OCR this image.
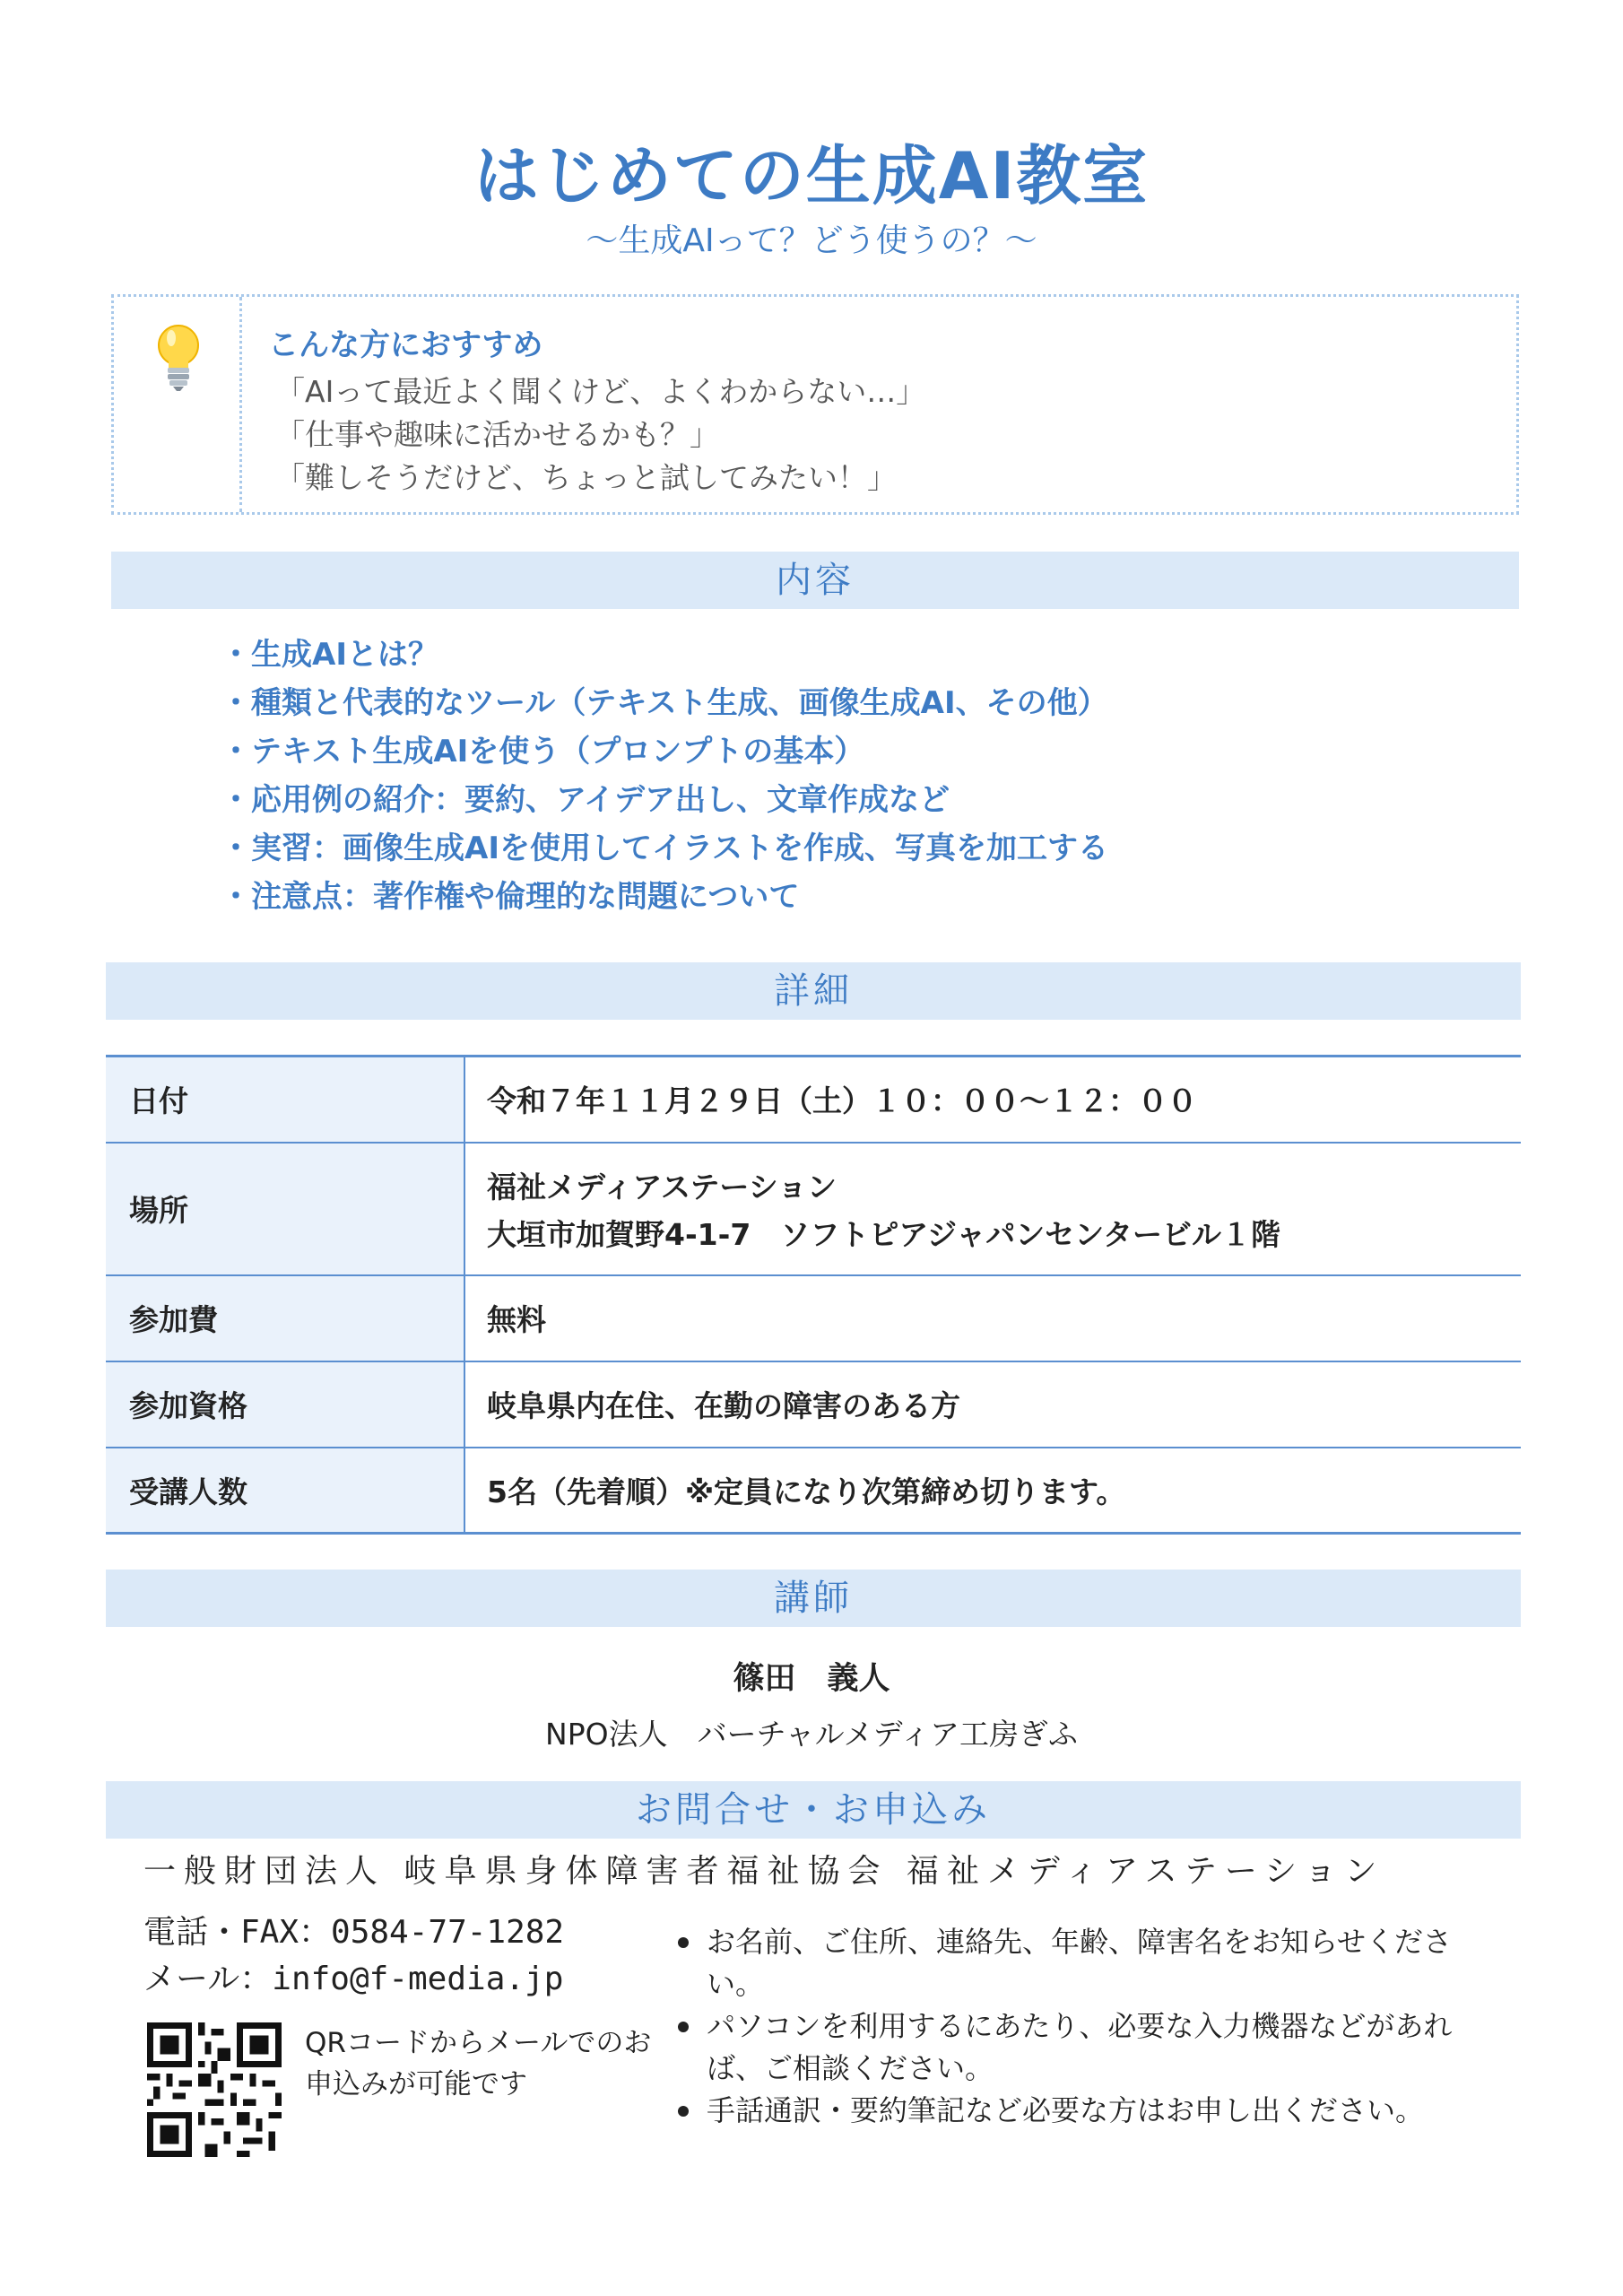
はじめての生成AI教室
～生成AIって？どう使うの？～
こんな方におすすめ
「AIって最近よく聞くけど、よくわからない…」
「仕事や趣味に活かせるかも？」
「難しそうだけど、ちょっと試してみたい！」
内容
・生成AIとは？
・種類と代表的なツール（テキスト生成、画像生成AI、その他）
・テキスト生成AIを使う（プロンプトの基本）
・応用例の紹介：要約、アイデア出し、文章作成など
・実習：画像生成AIを使用してイラストを作成、写真を加工する
・注意点：著作権や倫理的な問題について
詳細
日付	令和７年１１月２９日（土）１０：００～１２：００
場所	福祉メディアステーション
大垣市加賀野4-1-7　ソフトピアジャパンセンタービル１階

参加費	無料
参加資格	岐阜県内在住、在勤の障害のある方
受講人数	5名（先着順）※定員になり次第締め切ります。
講師
篠田　義人
NPO法人　バーチャルメディア工房ぎふ
お問合せ・お申込み
一般財団法人 岐阜県身体障害者福祉協会 福祉メディアステーション
電話・FAX：0584-77-1282
メール：info@f-media.jp
QRコードからメールでのお申込みが可能です
お名前、ご住所、連絡先、年齢、障害名をお知らせください。
パソコンを利用するにあたり、必要な入力機器などがあれば、ご相談ください。
手話通訳・要約筆記など必要な方はお申し出ください。
